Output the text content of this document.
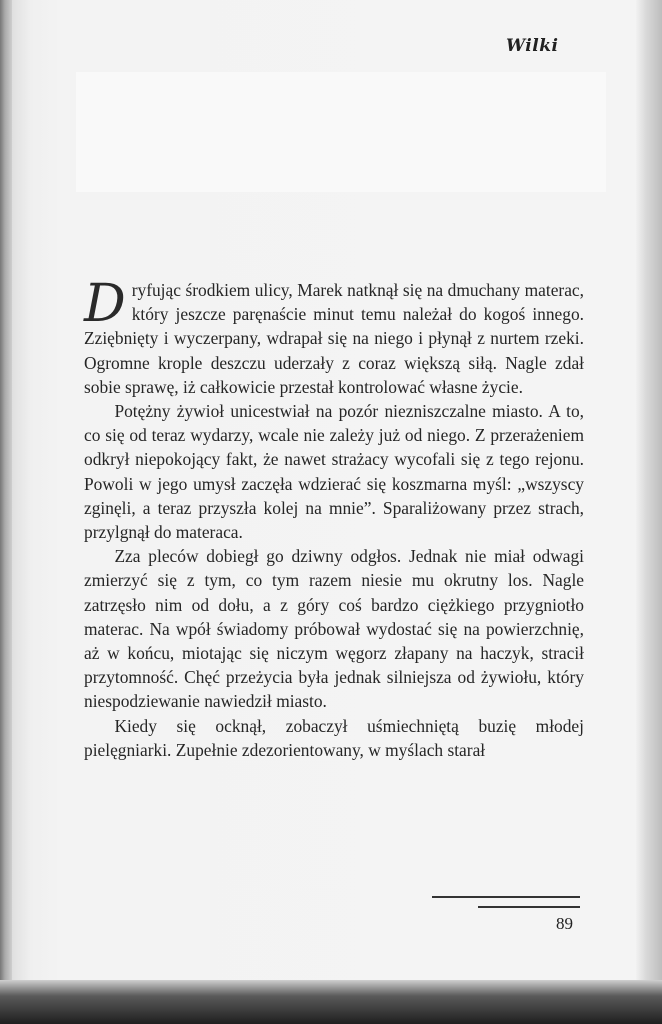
Wilki

Dryfując środkiem ulicy, Marek natknął się na dmuchany materac, który jeszcze paręnaście minut temu należał do kogoś innego. Zziębnięty i wyczerpany, wdrapał się na niego i płynął z nurtem rzeki. Ogromne krople deszczu uderzały z coraz większą siłą. Nagle zdał sobie sprawę, iż całkowicie przestał kontrolować własne życie.

Potężny żywioł unicestwiał na pozór niezniszczalne miasto. A to, co się od teraz wydarzy, wcale nie zależy już od niego. Z przerażeniem odkrył niepokojący fakt, że nawet strażacy wycofali się z tego rejonu. Powoli w jego umysł zaczęła wdzierać się koszmarna myśl: „wszyscy zginęli, a teraz przyszła kolej na mnie”. Sparaliżowany przez strach, przylgnął do materaca.

Zza pleców dobiegł go dziwny odgłos. Jednak nie miał odwagi zmierzyć się z tym, co tym razem niesie mu okrutny los. Nagle zatrzęsło nim od dołu, a z góry coś bardzo ciężkiego przygniotło materac. Na wpół świadomy próbował wydostać się na powierzchnię, aż w końcu, miotając się niczym węgorz złapany na haczyk, stracił przytomność. Chęć przeżycia była jednak silniejsza od żywiołu, który niespodziewanie nawiedził miasto.

Kiedy się ocknął, zobaczył uśmiechniętą buzię młodej pielęgniarki. Zupełnie zdezorientowany, w myślach starał

89
